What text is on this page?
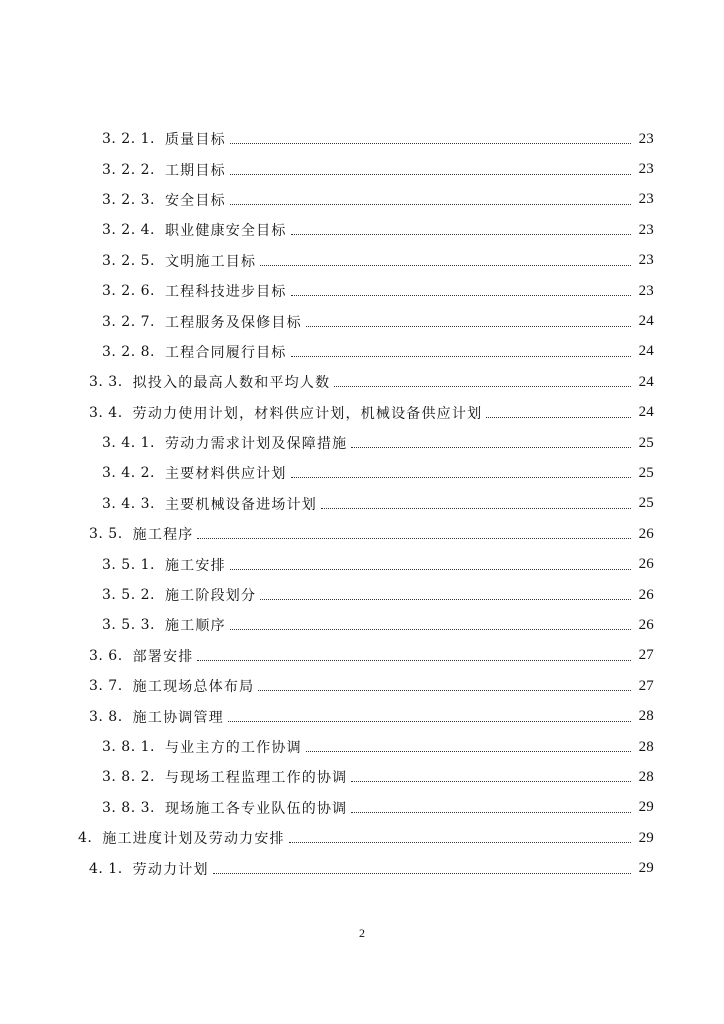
3. 2. 1. 质量目标	23
3. 2. 2. 工期目标	23
3. 2. 3. 安全目标	23
3. 2. 4. 职业健康安全目标	23
3. 2. 5. 文明施工目标	23
3. 2. 6. 工程科技进步目标	23
3. 2. 7. 工程服务及保修目标	24
3. 2. 8. 工程合同履行目标	24
3. 3. 拟投入的最高人数和平均人数	24
3. 4. 劳动力使用计划，材料供应计划，机械设备供应计划	24
3. 4. 1. 劳动力需求计划及保障措施	25
3. 4. 2. 主要材料供应计划	25
3. 4. 3. 主要机械设备进场计划	25
3. 5. 施工程序	26
3. 5. 1. 施工安排	26
3. 5. 2. 施工阶段划分	26
3. 5. 3. 施工顺序	26
3. 6. 部署安排	27
3. 7. 施工现场总体布局	27
3. 8. 施工协调管理	28
3. 8. 1. 与业主方的工作协调	28
3. 8. 2. 与现场工程监理工作的协调	28
3. 8. 3. 现场施工各专业队伍的协调	29
4. 施工进度计划及劳动力安排	29
4. 1. 劳动力计划	29
2
